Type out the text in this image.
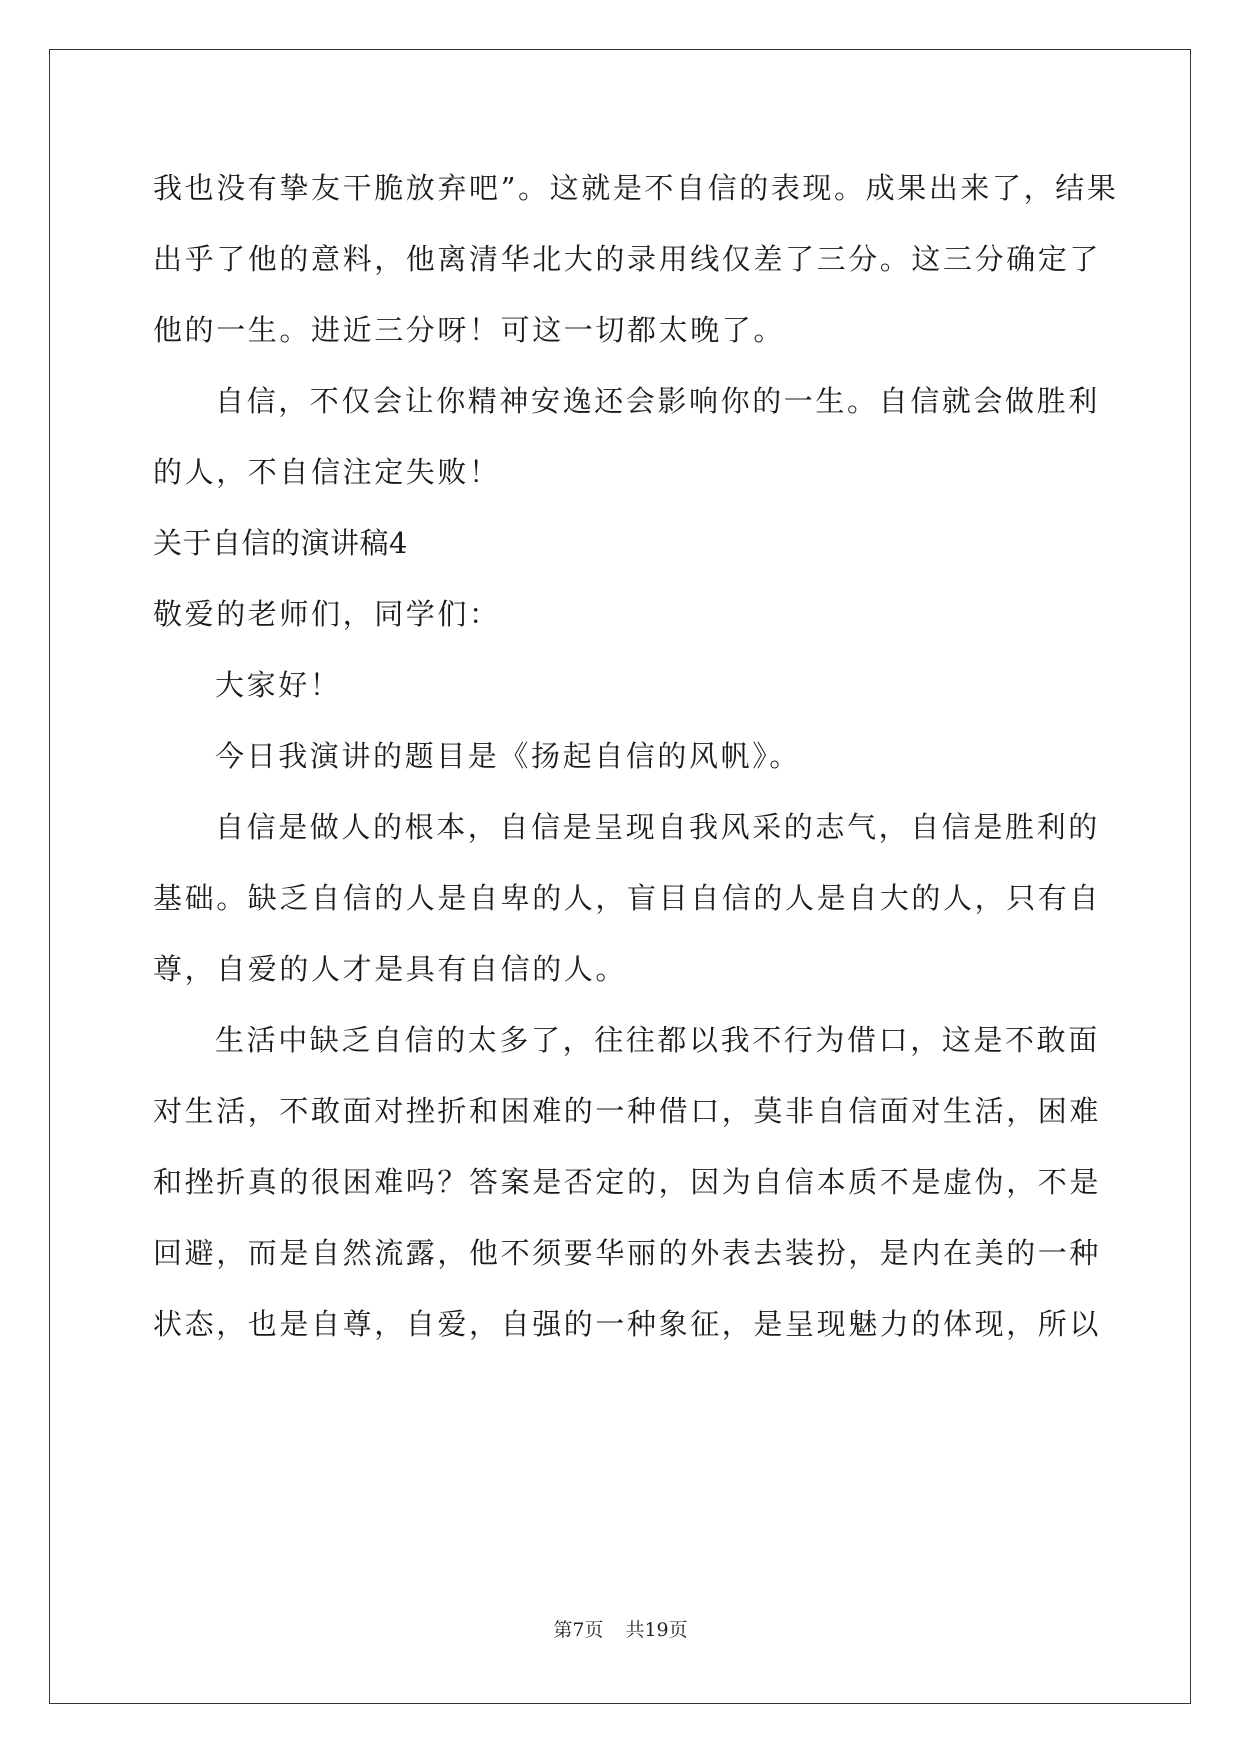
我也没有挚友干脆放弃吧”。这就是不自信的表现。成果出来了，结果
出乎了他的意料，他离清华北大的录用线仅差了三分。这三分确定了
他的一生。进近三分呀！可这一切都太晚了。
自信，不仅会让你精神安逸还会影响你的一生。自信就会做胜利
的人，不自信注定失败！
关于自信的演讲稿4
敬爱的老师们，同学们：
大家好！
今日我演讲的题目是《扬起自信的风帆》。
自信是做人的根本，自信是呈现自我风采的志气，自信是胜利的
基础。缺乏自信的人是自卑的人，盲目自信的人是自大的人，只有自
尊，自爱的人才是具有自信的人。
生活中缺乏自信的太多了，往往都以我不行为借口，这是不敢面
对生活，不敢面对挫折和困难的一种借口，莫非自信面对生活，困难
和挫折真的很困难吗？答案是否定的，因为自信本质不是虚伪，不是
回避，而是自然流露，他不须要华丽的外表去装扮，是内在美的一种
状态，也是自尊，自爱，自强的一种象征，是呈现魅力的体现，所以
第7页 共19页
